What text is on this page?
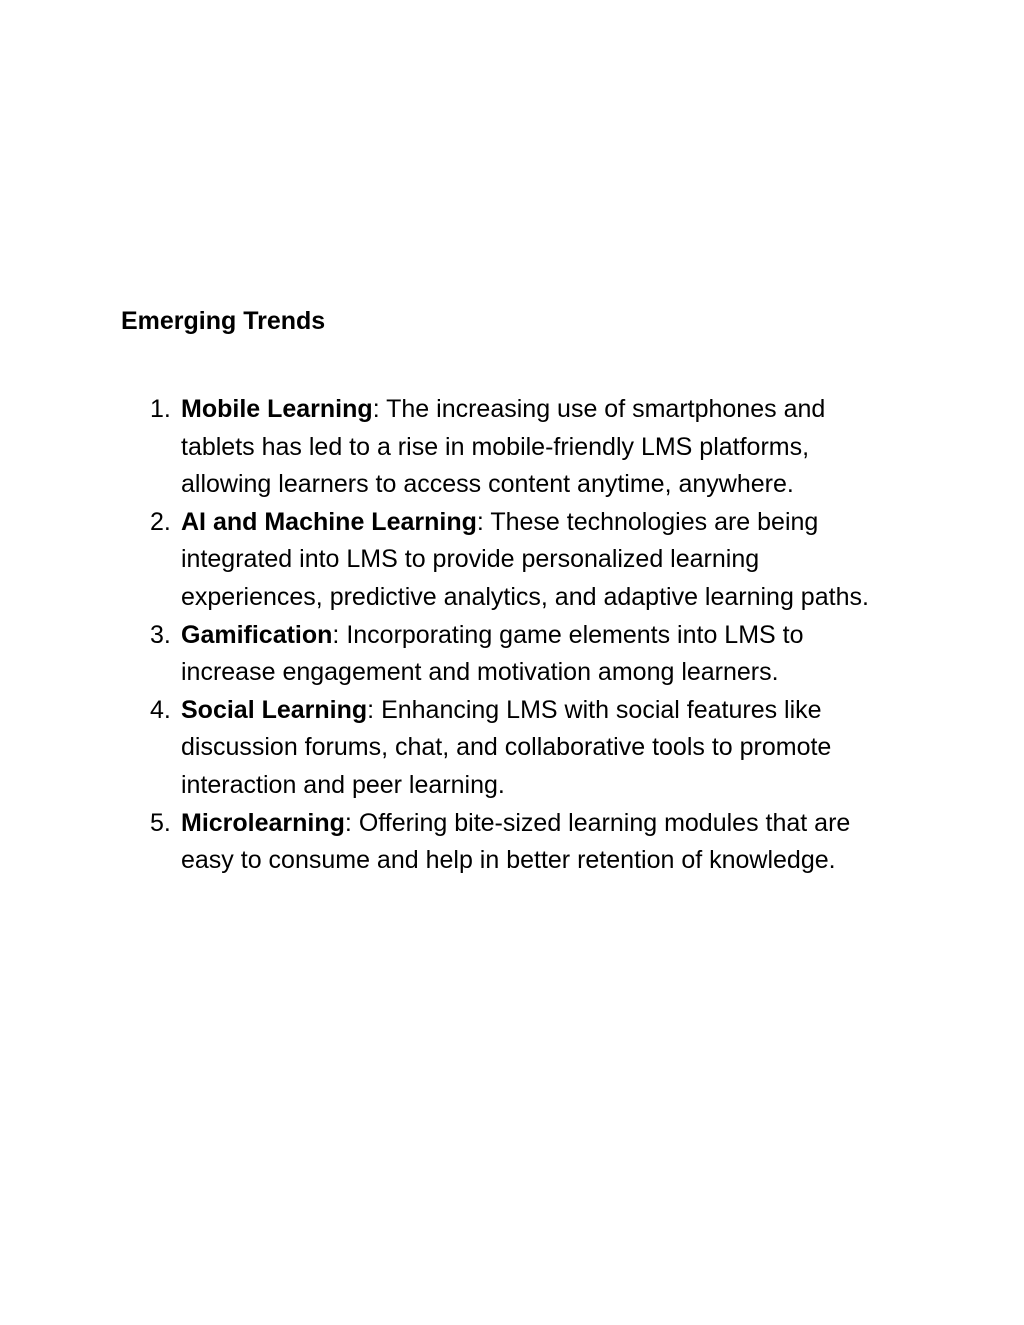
Emerging Trends
1. Mobile Learning: The increasing use of smartphones and tablets has led to a rise in mobile-friendly LMS platforms, allowing learners to access content anytime, anywhere.
2. AI and Machine Learning: These technologies are being integrated into LMS to provide personalized learning experiences, predictive analytics, and adaptive learning paths.
3. Gamification: Incorporating game elements into LMS to increase engagement and motivation among learners.
4. Social Learning: Enhancing LMS with social features like discussion forums, chat, and collaborative tools to promote interaction and peer learning.
5. Microlearning: Offering bite-sized learning modules that are easy to consume and help in better retention of knowledge.
